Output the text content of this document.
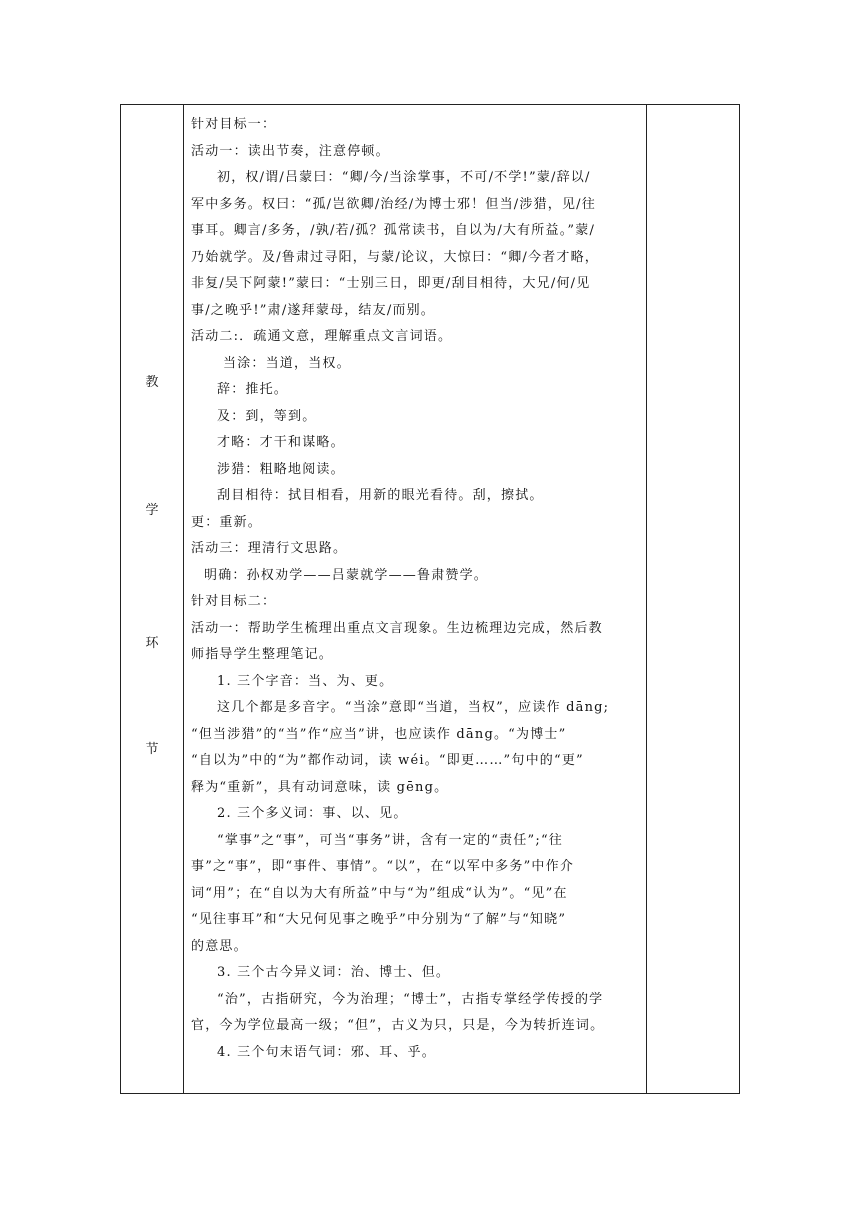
教
学
环
节

针对目标一：
活动一：读出节奏，注意停顿。
初，权/谓/吕蒙曰：“卿/今/当涂掌事，不可/不学!”蒙/辞以/
军中多务。权曰：“孤/岂欲卿/治经/为博士邪！但当/涉猎，见/往
事耳。卿言/多务，/孰/若/孤？孤常读书，自以为/大有所益。”蒙/
乃始就学。及/鲁肃过寻阳，与蒙/论议，大惊曰：“卿/今者才略，
非复/吴下阿蒙!”蒙曰：“士别三日，即更/刮目相待，大兄/何/见
事/之晚乎!”肃/遂拜蒙母，结友/而别。
活动二:．疏通文意，理解重点文言词语。
当涂：当道，当权。
辞：推托。
及：到，等到。
才略：才干和谋略。
涉猎：粗略地阅读。
刮目相待：拭目相看，用新的眼光看待。刮，擦拭。
更：重新。
活动三：理清行文思路。
明确：孙权劝学——吕蒙就学——鲁肃赞学。
针对目标二：
活动一：帮助学生梳理出重点文言现象。生边梳理边完成，然后教
师指导学生整理笔记。
1. 三个字音：当、为、更。
这几个都是多音字。“当涂”意即“当道，当权”，应读作 dāng;
“但当涉猎”的“当”作“应当”讲，也应读作 dāng。“为博士”
“自以为”中的“为”都作动词，读 wéi。“即更……”句中的“更”
释为“重新”，具有动词意味，读 gēng。
2. 三个多义词：事、以、见。
“掌事”之“事”，可当“事务”讲，含有一定的“责任”;“往
事”之“事”，即“事件、事情”。“以”，在“以军中多务”中作介
词“用”；在“自以为大有所益”中与“为”组成“认为”。“见”在
“见往事耳”和“大兄何见事之晚乎”中分别为“了解”与“知晓”
的意思。
3. 三个古今异义词：治、博士、但。
“治”，古指研究，今为治理；“博士”，古指专掌经学传授的学
官，今为学位最高一级；“但”，古义为只，只是，今为转折连词。
4. 三个句末语气词：邪、耳、乎。
